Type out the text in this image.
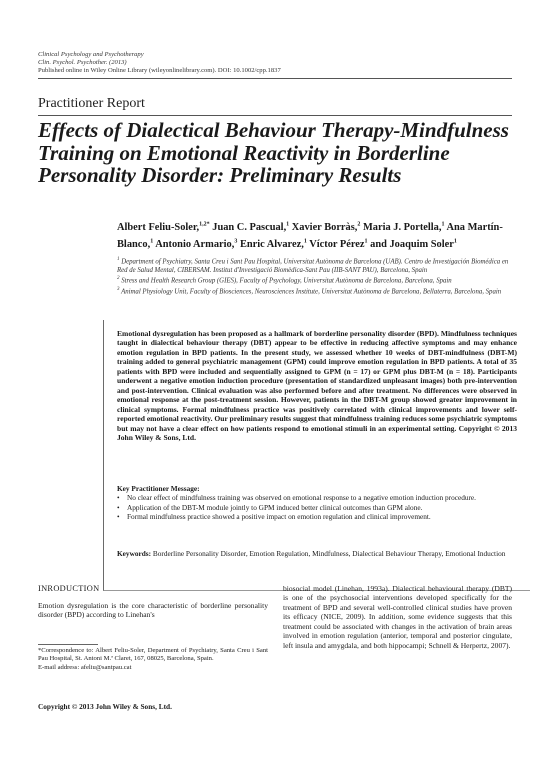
Clinical Psychology and Psychotherapy
Clin. Psychol. Psychother. (2013)
Published online in Wiley Online Library (wileyonlinelibrary.com). DOI: 10.1002/cpp.1837
Practitioner Report
Effects of Dialectical Behaviour Therapy-Mindfulness Training on Emotional Reactivity in Borderline Personality Disorder: Preliminary Results

Albert Feliu-Soler,$^{1,2*}$ Juan C. Pascual,$^1$ Xavier Borràs,$^2$ Maria J. Portella,$^1$ Ana Martín-Blanco,$^1$ Antonio Armario,$^3$ Enric Alvarez,$^1$ Víctor Pérez$^1$ and Joaquim Soler$^1$

$^1$ Department of Psychiatry, Santa Creu i Sant Pau Hospital, Universitat Autònoma de Barcelona (UAB). Centro de Investigación Biomédica en Red de Salud Mental, CIBERSAM. Institut d'Investigació Biomèdica-Sant Pau (IIB-SANT PAU), Barcelona, Spain
$^2$ Stress and Health Research Group (GIES), Faculty of Psychology, Universitat Autònoma de Barcelona, Barcelona, Spain
$^3$ Animal Physiology Unit, Faculty of Biosciences, Neurosciences Institute, Universitat Autònoma de Barcelona, Bellaterra, Barcelona, Spain

Emotional dysregulation has been proposed as a hallmark of borderline personality disorder (BPD). Mindfulness techniques taught in dialectical behaviour therapy (DBT) appear to be effective in reducing affective symptoms and may enhance emotion regulation in BPD patients. In the present study, we assessed whether 10 weeks of DBT-mindfulness (DBT-M) training added to general psychiatric management (GPM) could improve emotion regulation in BPD patients. A total of 35 patients with BPD were included and sequentially assigned to GPM (n = 17) or GPM plus DBT-M (n = 18). Participants underwent a negative emotion induction procedure (presentation of standardized unpleasant images) both pre-intervention and post-intervention. Clinical evaluation was also performed before and after treatment. No differences were observed in emotional response at the post-treatment session. However, patients in the DBT-M group showed greater improvement in clinical symptoms. Formal mindfulness practice was positively correlated with clinical improvements and lower self-reported emotional reactivity. Our preliminary results suggest that mindfulness training reduces some psychiatric symptoms but may not have a clear effect on how patients respond to emotional stimuli in an experimental setting. Copyright © 2013 John Wiley & Sons, Ltd.

Key Practitioner Message:
• No clear effect of mindfulness training was observed on emotional response to a negative emotion induction procedure.
• Application of the DBT-M module jointly to GPM induced better clinical outcomes than GPM alone.
• Formal mindfulness practice showed a positive impact on emotion regulation and clinical improvement.
Keywords: Borderline Personality Disorder, Emotion Regulation, Mindfulness, Dialectical Behaviour Therapy, Emotional Induction
INRODUCTION
Emotion dysregulation is the core characteristic of borderline personality disorder (BPD) according to Linehan's
biosocial model (Linehan, 1993a). Dialectical behavioural therapy (DBT) is one of the psychosocial interventions developed specifically for the treatment of BPD and several well-controlled clinical studies have proven its efficacy (NICE, 2009). In addition, some evidence suggests that this treatment could be associated with changes in the activation of brain areas involved in emotion regulation (anterior, temporal and posterior cingulate, left insula and amygdala, and both hippocampi; Schnell & Herpertz, 2007).
*Correspondence to: Albert Feliu-Soler, Department of Psychiatry, Santa Creu i Sant Pau Hospital, St. Antoni M.ª Claret, 167, 08025, Barcelona, Spain.
E-mail address: afeliu@santpau.cat
Copyright © 2013 John Wiley & Sons, Ltd.
